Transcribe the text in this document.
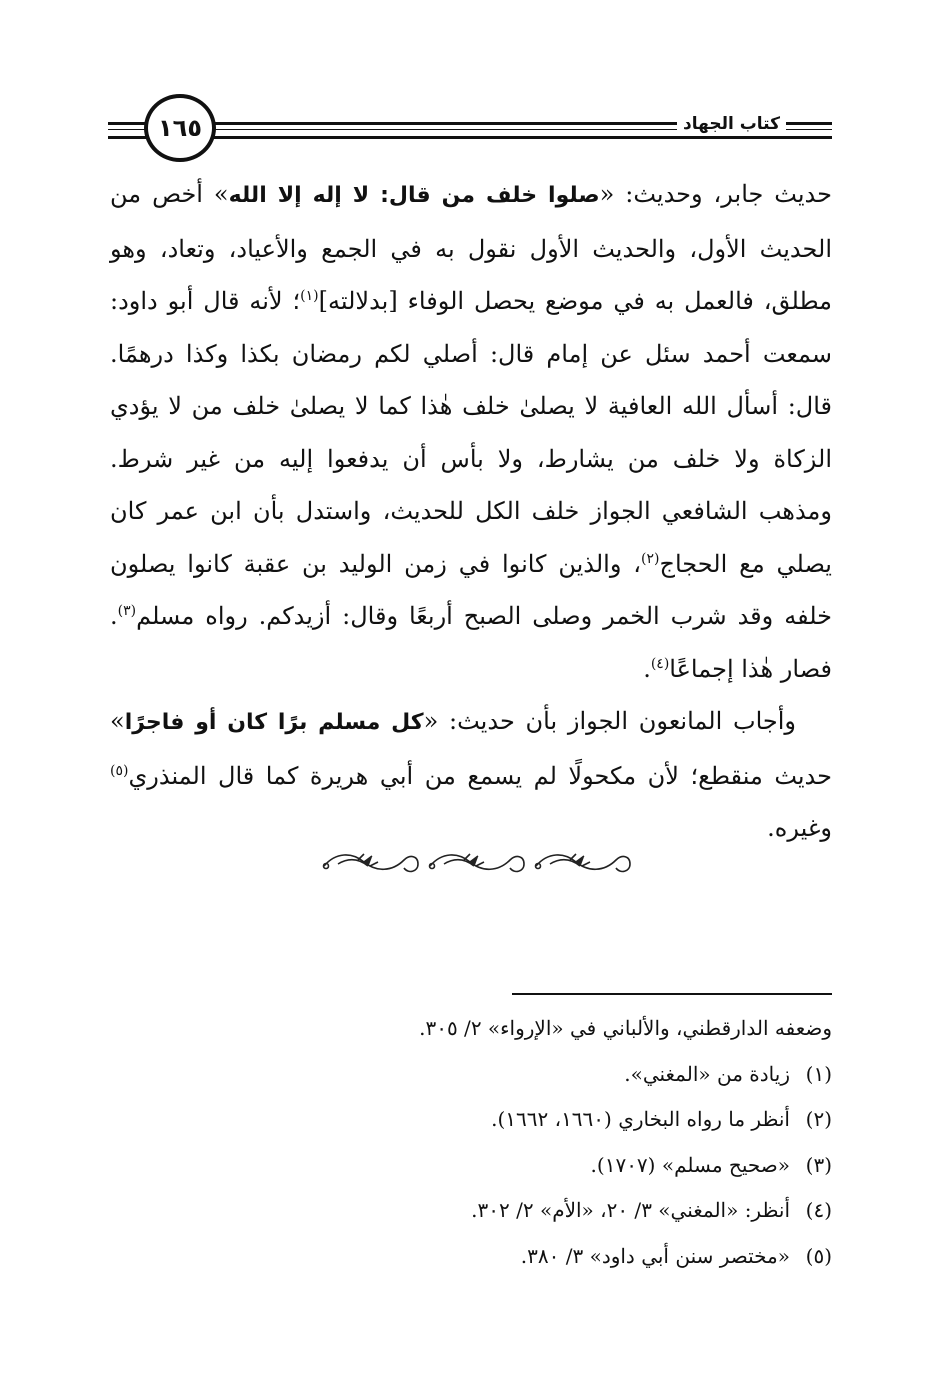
كتاب الجهاد
١٦٥

حديث جابر، وحديث: «صلوا خلف من قال: لا إله إلا الله» أخص من الحديث الأول، والحديث الأول نقول به في الجمع والأعياد، وتعاد، وهو مطلق، فالعمل به في موضع يحصل الوفاء [بدلالته]$^{(١)}$؛ لأنه قال أبو داود: سمعت أحمد سئل عن إمام قال: أصلي لكم رمضان بكذا وكذا درهمًا. قال: أسأل الله العافية لا يصلىٰ خلف هٰذا كما لا يصلىٰ خلف من لا يؤدي الزكاة ولا خلف من يشارط، ولا بأس أن يدفعوا إليه من غير شرط. ومذهب الشافعي الجواز خلف الكل للحديث، واستدل بأن ابن عمر كان يصلي مع الحجاج$^{(٢)}$، والذين كانوا في زمن الوليد بن عقبة كانوا يصلون خلفه وقد شرب الخمر وصلى الصبح أربعًا وقال: أزيدكم. رواه مسلم$^{(٣)}$. فصار هٰذا إجماعًا$^{(٤)}$.

وأجاب المانعون الجواز بأن حديث: «كل مسلم برًا كان أو فاجرًا» حديث منقطع؛ لأن مكحولًا لم يسمع من أبي هريرة كما قال المنذري$^{(٥)}$ وغيره.

وضعفه الدارقطني، والألباني في «الإرواء» ٢/ ٣٠٥.

(١)زيادة من «المغني».

(٢)أنظر ما رواه البخاري (١٦٦٠، ١٦٦٢).

(٣)«صحيح مسلم» (١٧٠٧).

(٤)أنظر: «المغني» ٣/ ٢٠، «الأم» ٢/ ٣٠٢.

(٥)«مختصر سنن أبي داود» ٣/ ٣٨٠.
